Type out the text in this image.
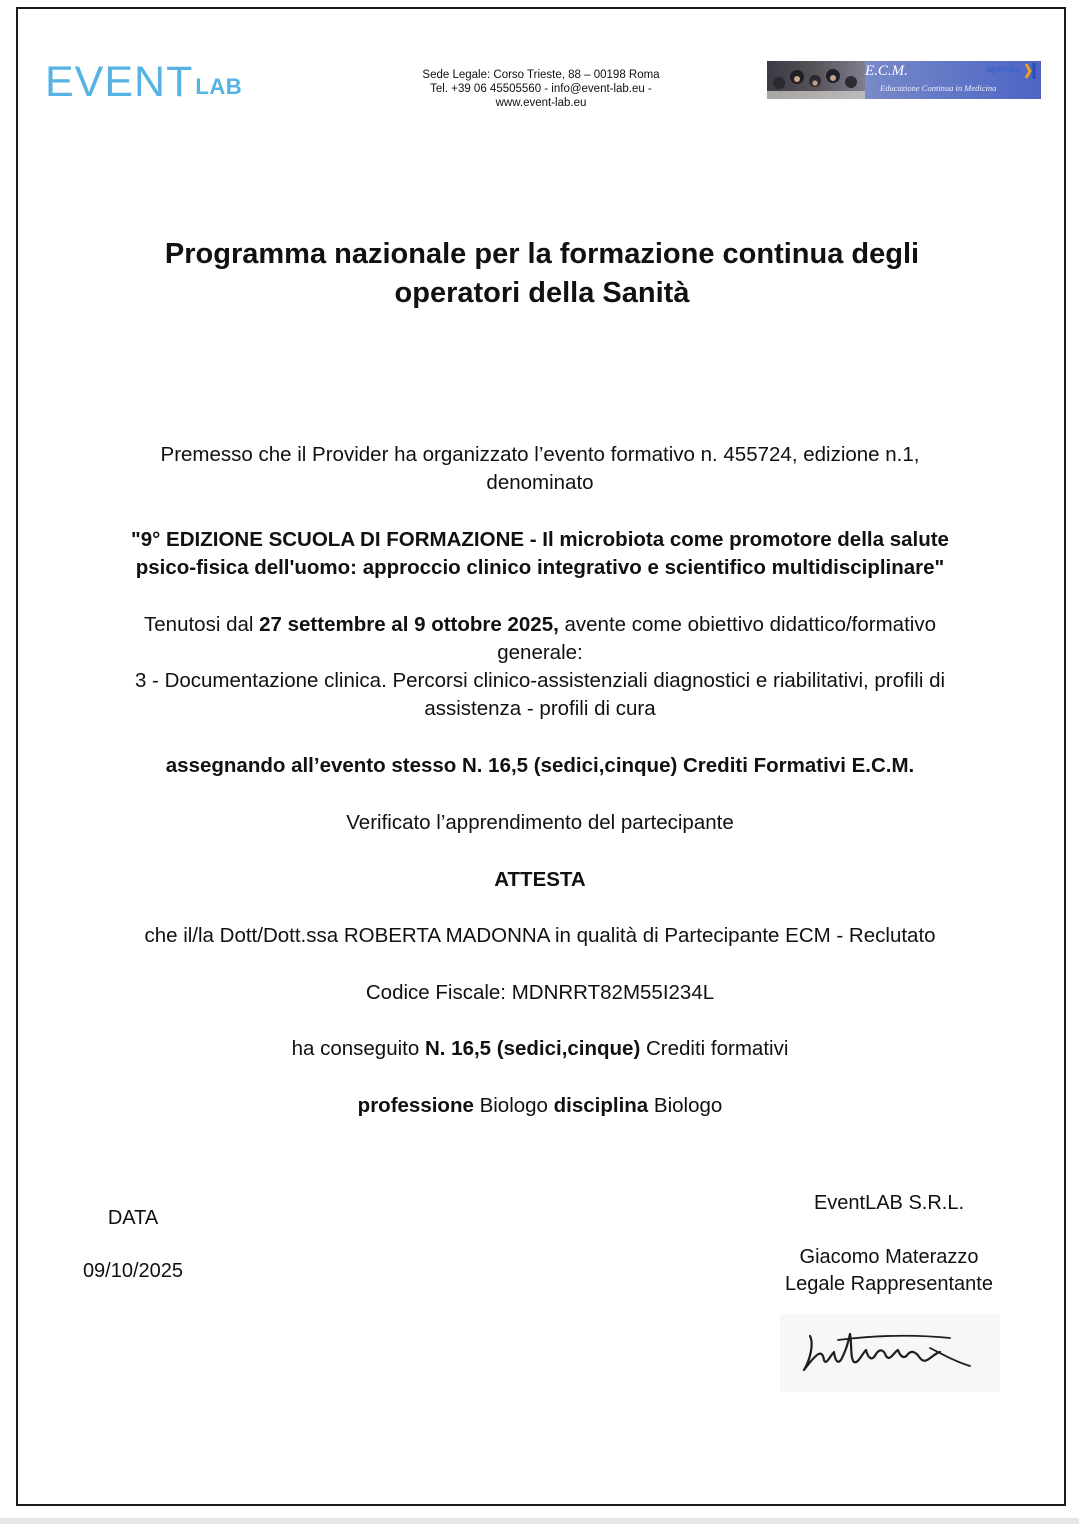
EVENT LAB	Sede Legale: Corso Trieste, 88 – 00198 Roma
Tel. +39 06 45505560 - info@event-lab.eu -
www.event-lab.eu
E.C.M.
Educazione Continua in Medicina
agenas.
Programma nazionale per la formazione continua degli
operatori della Sanità
Premesso che il Provider ha organizzato l’evento formativo n. 455724, edizione n.1,
denominato
"9° EDIZIONE SCUOLA DI FORMAZIONE - Il microbiota come promotore della salute
psico-fisica dell'uomo: approccio clinico integrativo e scientifico multidisciplinare"
Tenutosi dal 27 settembre al 9 ottobre 2025, avente come obiettivo didattico/formativo
generale:
3 - Documentazione clinica. Percorsi clinico-assistenziali diagnostici e riabilitativi, profili di
assistenza - profili di cura
assegnando all’evento stesso N. 16,5 (sedici,cinque) Crediti Formativi E.C.M.
Verificato l’apprendimento del partecipante
ATTESTA
che il/la Dott/Dott.ssa ROBERTA MADONNA in qualità di Partecipante ECM - Reclutato
Codice Fiscale: MDNRRT82M55I234L
ha conseguito N. 16,5 (sedici,cinque) Crediti formativi
professione Biologo disciplina Biologo
DATA
09/10/2025
EventLAB S.R.L.
Giacomo Materazzo
Legale Rappresentante
